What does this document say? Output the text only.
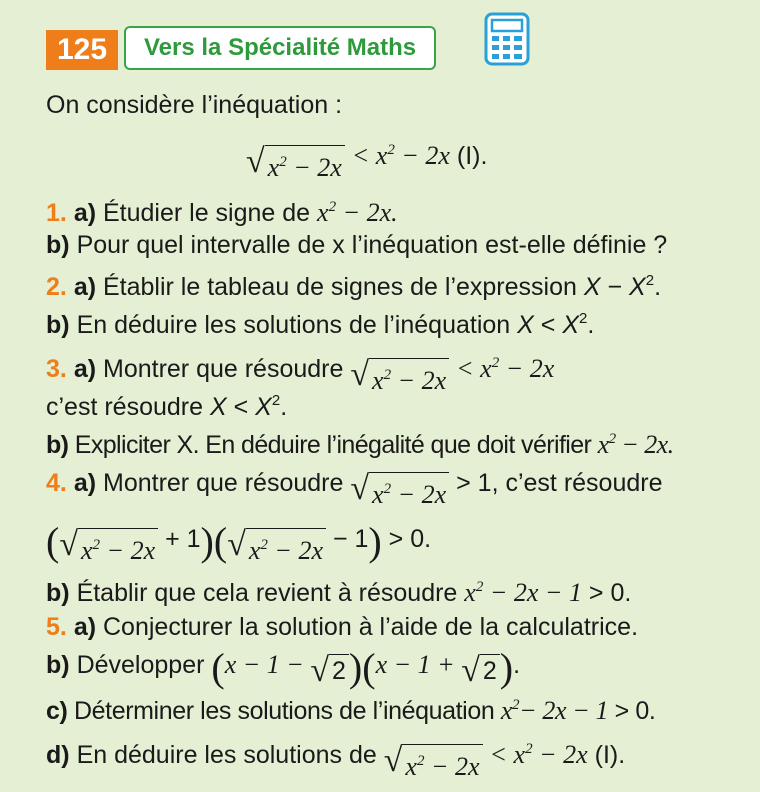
125	Vers la Spécialité Maths
On considère l’inéquation :
√ $x^2 - 2x < x^2 - 2x$ (I).
1. a) Étudier le signe de $x^2 - 2x$.
b) Pour quel intervalle de x l’inéquation est-elle définie ?
2. a) Établir le tableau de signes de l’expression $X - X^2$.
b) En déduire les solutions de l’inéquation $X < X^2$.
3. a) Montrer que résoudre √ $x^2 - 2x < x^2 - 2x$
c’est résoudre $X < X^2$.
b) Expliciter X. En déduire l’inégalité que doit vérifier $x^2 - 2x$.
4. a) Montrer que résoudre √ $x^2 - 2x > 1$, c’est résoudre
( √ $x^2 - 2x + 1$)( √ $x^2 - 2x - 1) > 0$.
b) Établir que cela revient à résoudre $x^2 - 2x - 1 > 0$.
5. a) Conjecturer la solution à l’aide de la calculatrice.
b) Développer (x − 1 − √ 2 )(x − 1 + √ 2 ).
c) Déterminer les solutions de l’inéquation $x^2- 2x - 1 > 0$.
d) En déduire les solutions de √ $x^2 - 2x < x^2 - 2x$ (I).
